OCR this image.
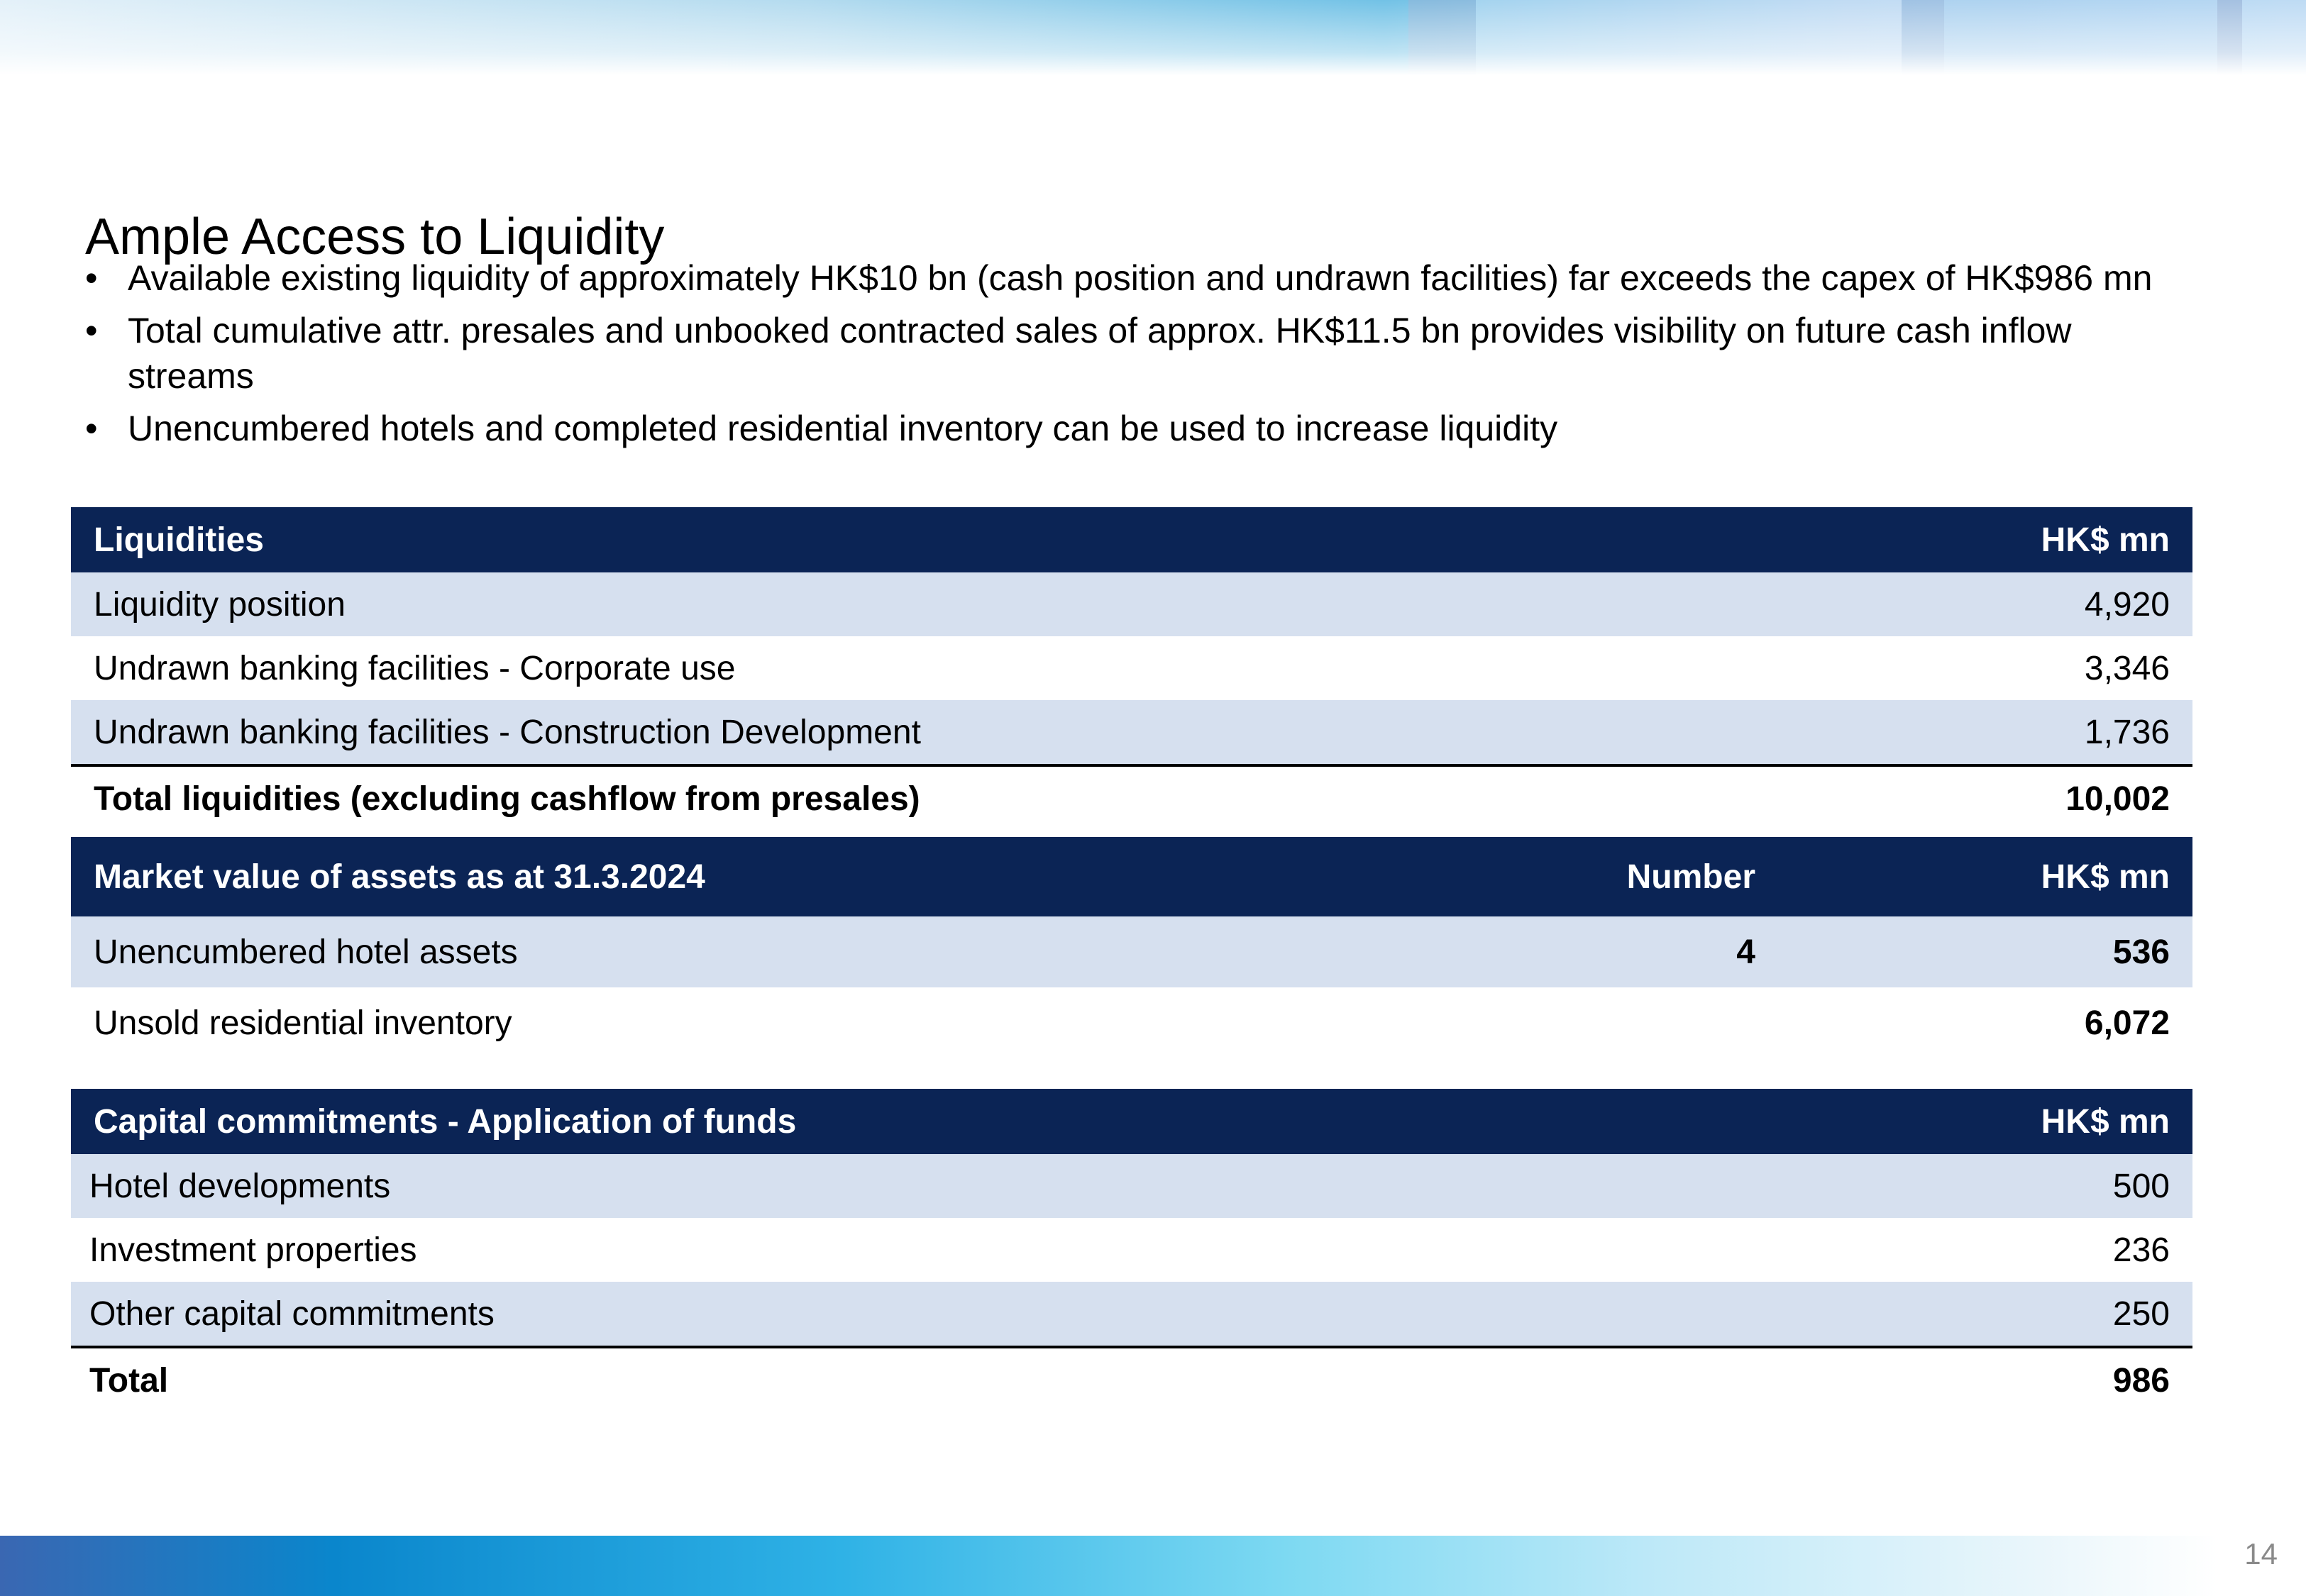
Ample Access to Liquidity
• Available existing liquidity of approximately HK$10 bn (cash position and undrawn facilities) far exceeds the capex of HK$986 mn
• Total cumulative attr. presales and unbooked contracted sales of approx. HK$11.5 bn provides visibility on future cash inflow streams
• Unencumbered hotels and completed residential inventory can be used to increase liquidity
Liquidities	HK$ mn
Liquidity position	4,920
Undrawn banking facilities - Corporate use	3,346
Undrawn banking facilities - Construction Development	1,736
Total liquidities (excluding cashflow from presales)	10,002
Market value of assets as at 31.3.2024	Number	HK$ mn
Unencumbered hotel assets	4	536
Unsold residential inventory		6,072
Capital commitments - Application of funds	HK$ mn
Hotel developments	500
Investment properties	236
Other capital commitments	250
Total	986
14
